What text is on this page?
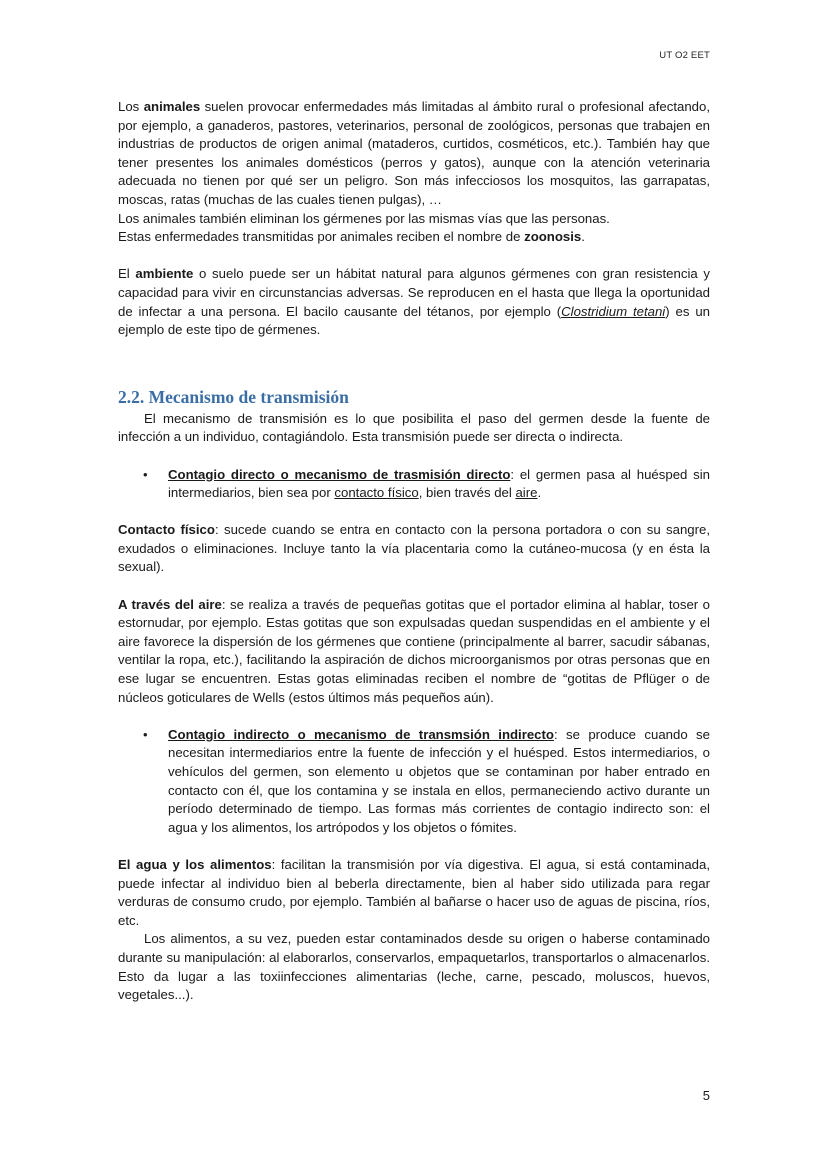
UT O2 EET

Los animales suelen provocar enfermedades más limitadas al ámbito rural o profesional afectando, por ejemplo, a ganaderos, pastores, veterinarios, personal de zoológicos, personas que trabajen en industrias de productos de origen animal (mataderos, curtidos, cosméticos, etc.). También hay que tener presentes los animales domésticos (perros y gatos), aunque con la atención veterinaria adecuada no tienen por qué ser un peligro. Son más infecciosos los mosquitos, las garrapatas, moscas, ratas (muchas de las cuales tienen pulgas), …

Los animales también eliminan los gérmenes por las mismas vías que las personas.

Estas enfermedades transmitidas por animales reciben el nombre de zoonosis.

El ambiente o suelo puede ser un hábitat natural para algunos gérmenes con gran resistencia y capacidad para vivir en circunstancias adversas. Se reproducen en el hasta que llega la oportunidad de infectar a una persona. El bacilo causante del tétanos, por ejemplo (Clostridium tetani) es un ejemplo de este tipo de gérmenes.

2.2. Mecanismo de transmisión

El mecanismo de transmisión es lo que posibilita el paso del germen desde la fuente de infección a un individuo, contagiándolo. Esta transmisión puede ser directa o indirecta.

• Contagio directo o mecanismo de trasmisión directo: el germen pasa al huésped sin intermediarios, bien sea por contacto físico, bien través del aire.

Contacto físico: sucede cuando se entra en contacto con la persona portadora o con su sangre, exudados o eliminaciones. Incluye tanto la vía placentaria como la cutáneo-mucosa (y en ésta la sexual).

A través del aire: se realiza a través de pequeñas gotitas que el portador elimina al hablar, toser o estornudar, por ejemplo. Estas gotitas que son expulsadas quedan suspendidas en el ambiente y el aire favorece la dispersión de los gérmenes que contiene (principalmente al barrer, sacudir sábanas, ventilar la ropa, etc.), facilitando la aspiración de dichos microorganismos por otras personas que en ese lugar se encuentren. Estas gotas eliminadas reciben el nombre de “gotitas de Pflüger o de núcleos goticulares de Wells (estos últimos más pequeños aún).

• Contagio indirecto o mecanismo de transmsión indirecto: se produce cuando se necesitan intermediarios entre la fuente de infección y el huésped. Estos intermediarios, o vehículos del germen, son elemento u objetos que se contaminan por haber entrado en contacto con él, que los contamina y se instala en ellos, permaneciendo activo durante un período determinado de tiempo. Las formas más corrientes de contagio indirecto son: el agua y los alimentos, los artrópodos y los objetos o fómites.

El agua y los alimentos: facilitan la transmisión por vía digestiva. El agua, si está contaminada, puede infectar al individuo bien al beberla directamente, bien al haber sido utilizada para regar verduras de consumo crudo, por ejemplo. También al bañarse o hacer uso de aguas de piscina, ríos, etc.

Los alimentos, a su vez, pueden estar contaminados desde su origen o haberse contaminado durante su manipulación: al elaborarlos, conservarlos, empaquetarlos, transportarlos o almacenarlos. Esto da lugar a las toxiinfecciones alimentarias (leche, carne, pescado, moluscos, huevos, vegetales...).

5
